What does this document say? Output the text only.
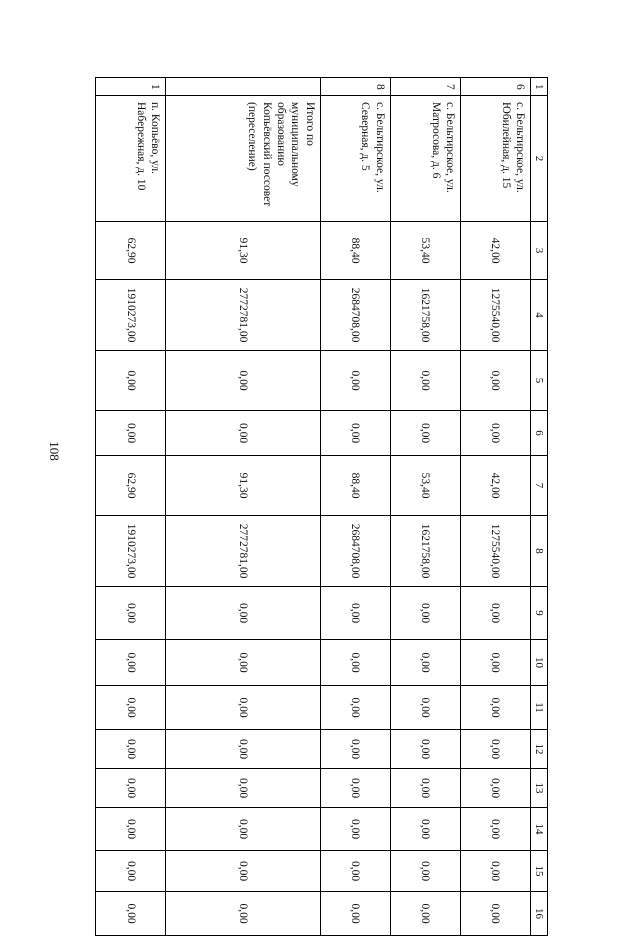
108
1	2	3	4	5	6	7	8	9	10	11	12	13	14	15	16
6	с. Бельтирское, ул. Юбилейная, д. 15	42,00	1275540,00	0,00	0,00	42,00	1275540,00	0,00	0,00	0,00	0,00	0,00	0,00	0,00	0,00
7	с. Бельтирское, ул. Матросова, д. 6	53,40	1621758,00	0,00	0,00	53,40	1621758,00	0,00	0,00	0,00	0,00	0,00	0,00	0,00	0,00
8	с. Бельтирское, ул. Северная, д. 5	88,40	2684708,00	0,00	0,00	88,40	2684708,00	0,00	0,00	0,00	0,00	0,00	0,00	0,00	0,00
	Итого по муниципальному образованию Копьёвский поссовет (переселение)	91,30	2772781,00	0,00	0,00	91,30	2772781,00	0,00	0,00	0,00	0,00	0,00	0,00	0,00	0,00
1	п. Копьёво, ул. Набережная, д. 10	62,90	1910273,00	0,00	0,00	62,90	1910273,00	0,00	0,00	0,00	0,00	0,00	0,00	0,00	0,00
